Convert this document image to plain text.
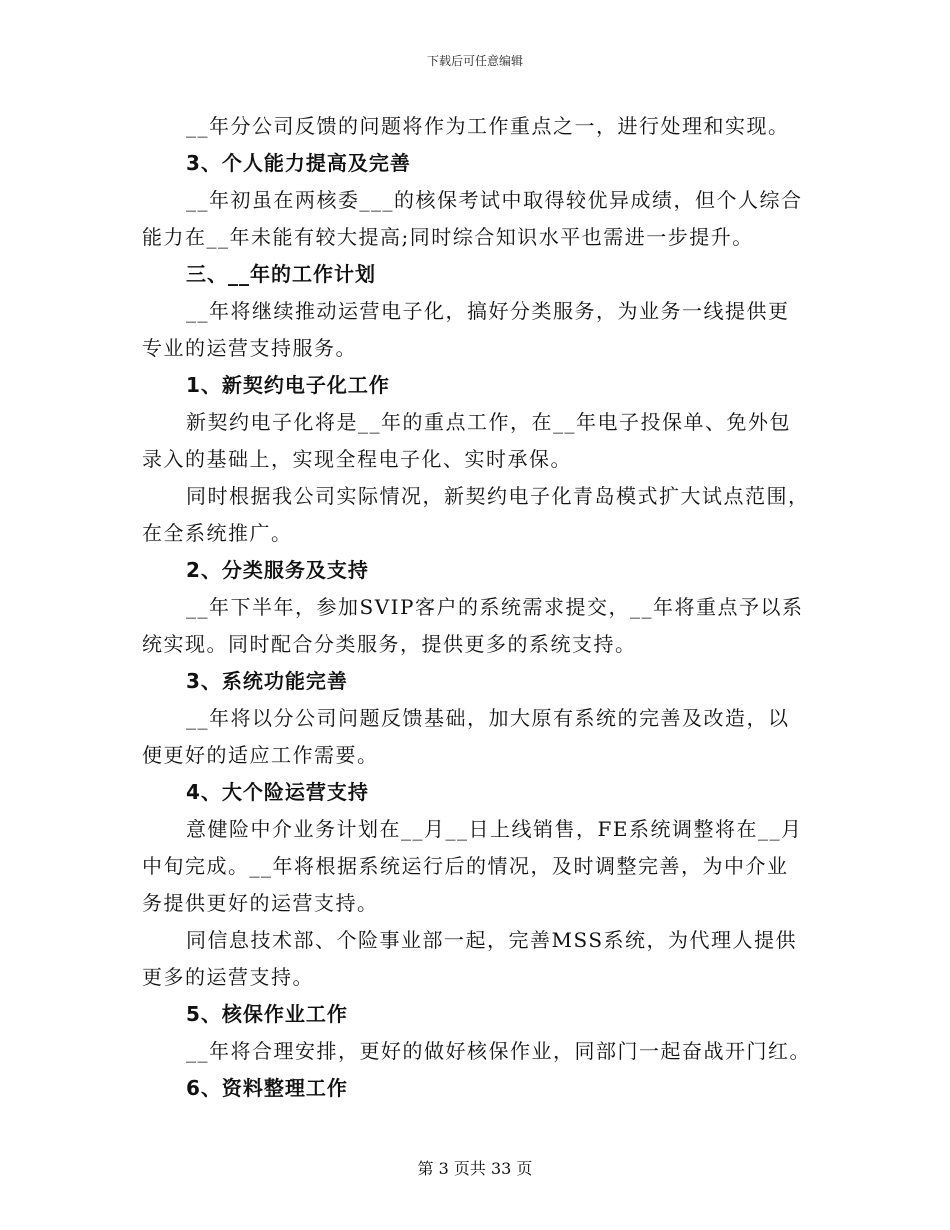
下载后可任意编辑
__年分公司反馈的问题将作为工作重点之一，进行处理和实现。
3、个人能力提高及完善
__年初虽在两核委___的核保考试中取得较优异成绩，但个人综合
能力在__年未能有较大提高;同时综合知识水平也需进一步提升。
三、__年的工作计划
__年将继续推动运营电子化，搞好分类服务，为业务一线提供更
专业的运营支持服务。
1、新契约电子化工作
新契约电子化将是__年的重点工作，在__年电子投保单、免外包
录入的基础上，实现全程电子化、实时承保。
同时根据我公司实际情况，新契约电子化青岛模式扩大试点范围，
在全系统推广。
2、分类服务及支持
__年下半年，参加SVIP客户的系统需求提交，__年将重点予以系
统实现。同时配合分类服务，提供更多的系统支持。
3、系统功能完善
__年将以分公司问题反馈基础，加大原有系统的完善及改造，以
便更好的适应工作需要。
4、大个险运营支持
意健险中介业务计划在__月__日上线销售，FE系统调整将在__月
中旬完成。__年将根据系统运行后的情况，及时调整完善，为中介业
务提供更好的运营支持。
同信息技术部、个险事业部一起，完善MSS系统，为代理人提供
更多的运营支持。
5、核保作业工作
__年将合理安排，更好的做好核保作业，同部门一起奋战开门红。
6、资料整理工作
第 3 页共 33 页
